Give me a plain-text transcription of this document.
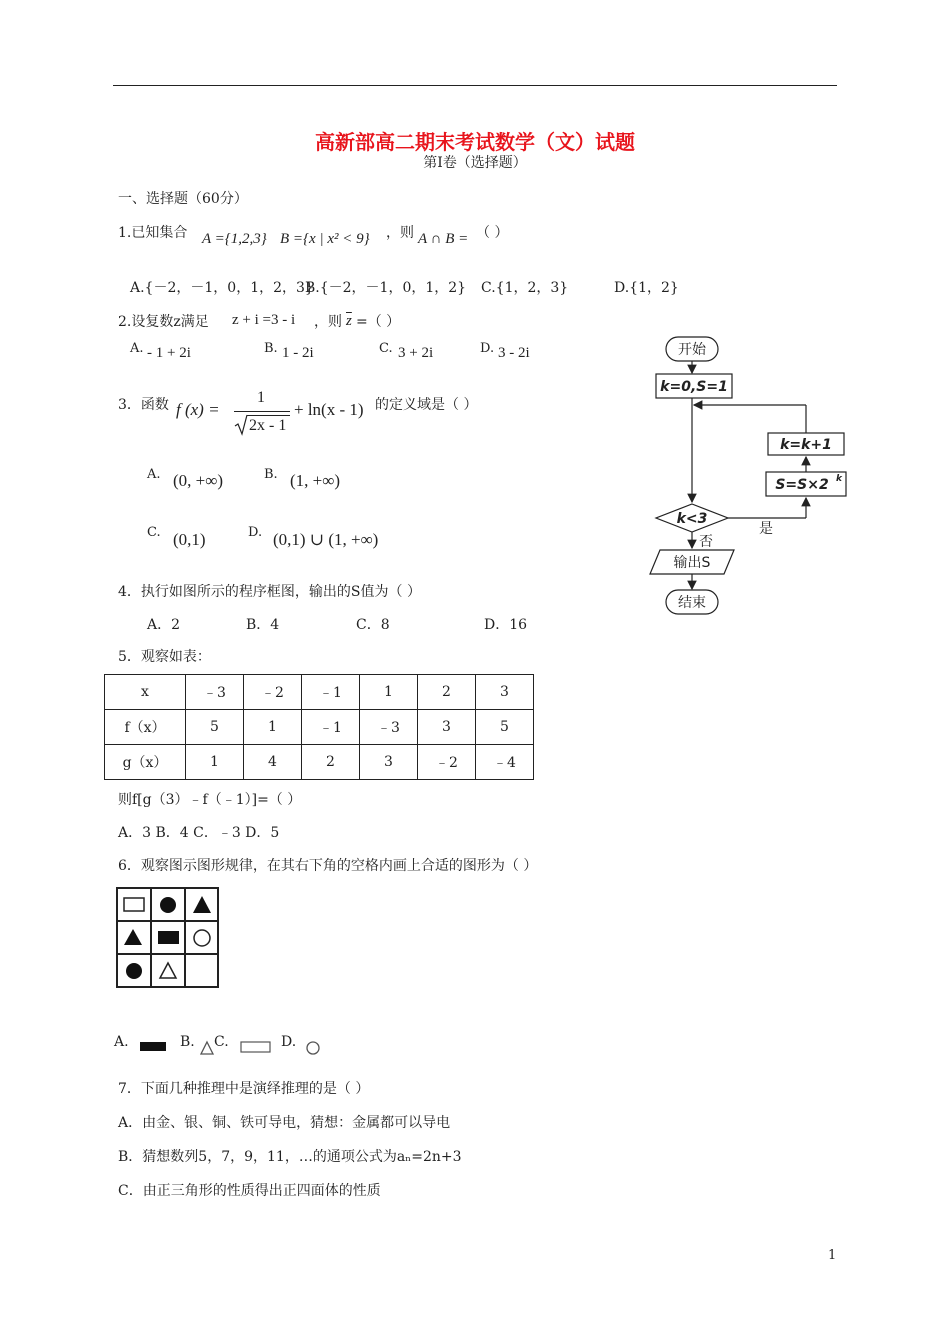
高新部高二期末考试数学（文）试题
第Ⅰ卷（选择题）
一、选择题（60分）
1.已知集合 A ={1,2,3} B ={x | x² < 9} ，则 A ∩ B = （ ）
A.{－2，－1，0，1，2，3}
B.{－2，－1，0，1，2} C.{1，2，3}	D.{1，2}
2.设复数z满足 z + i =3 - i ，则 $\overline{z}$ =（ ）
A. - 1 + 2i	B. 1 - 2i	C. 3 + 2i	D. 3 - 2i
3．函数 f (x) =
1
2x - 1
+ ln(x - 1) 的定义域是（ ）
A. (0, +∞)	B. (1, +∞)
C. (0,1)	D. (0,1) ∪ (1, +∞)
4．执行如图所示的程序框图，输出的S值为（ ）
A．2	B．4	C．8	D．16
开始
k=0,S=1
k<3
是
否
S=S×2 k
k=k+1
输出S
结束
5．观察如表：
x	﹣3	﹣2	﹣1	1	2	3
f（x）	5	1	﹣1	﹣3	3	5
g（x）	1	4	2	3	﹣2	﹣4
则f[g（3）﹣f（﹣1）]=（ ）
A．3 B．4 C．﹣3 D．5
6．观察图示图形规律，在其右下角的空格内画上合适的图形为（ ）
A.	B. C.	D.
7．下面几种推理中是演绎推理的是（ ）
A．由金、银、铜、铁可导电，猜想：金属都可以导电
B．猜想数列5，7，9，11，…的通项公式为aₙ=2n+3
C．由正三角形的性质得出正四面体的性质
1
